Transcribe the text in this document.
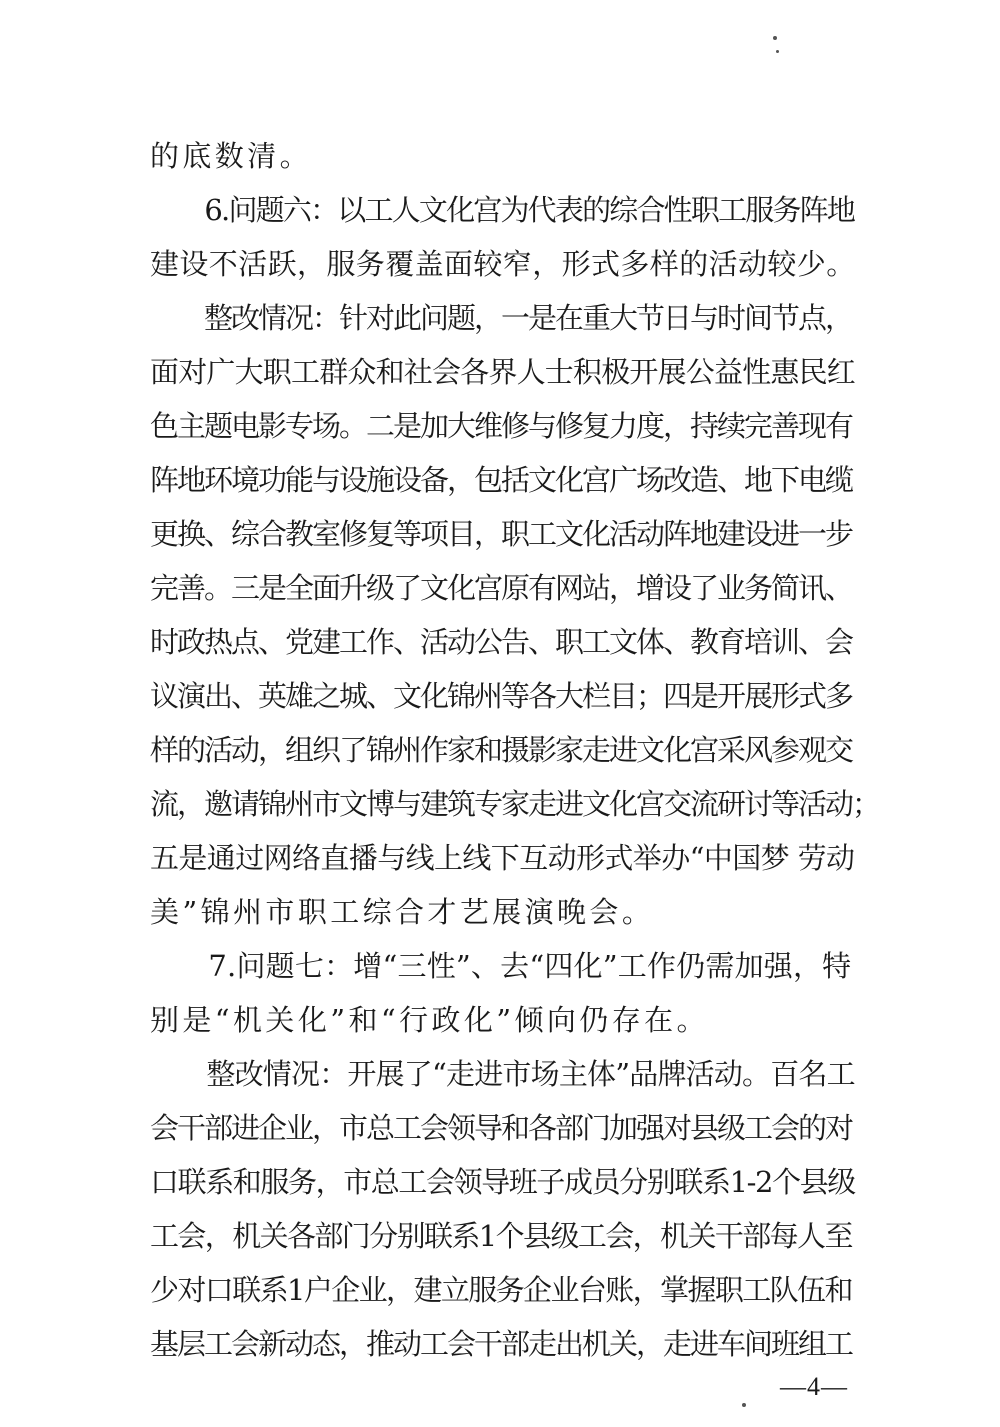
的底数清。
　　6.问题六：以工人文化宫为代表的综合性职工服务阵地
建设不活跃，服务覆盖面较窄，形式多样的活动较少。
　　整改情况：针对此问题，一是在重大节日与时间节点，
面对广大职工群众和社会各界人士积极开展公益性惠民红
色主题电影专场。二是加大维修与修复力度，持续完善现有
阵地环境功能与设施设备，包括文化宫广场改造、地下电缆
更换、综合教室修复等项目，职工文化活动阵地建设进一步
完善。三是全面升级了文化宫原有网站，增设了业务简讯、
时政热点、党建工作、活动公告、职工文体、教育培训、会
议演出、英雄之城、文化锦州等各大栏目；四是开展形式多
样的活动，组织了锦州作家和摄影家走进文化宫采风参观交
流，邀请锦州市文博与建筑专家走进文化宫交流研讨等活动；
五是通过网络直播与线上线下互动形式举办“中国梦 劳动
美”锦州市职工综合才艺展演晚会。
　　7.问题七：增“三性”、去“四化”工作仍需加强，特
别是“机关化”和“行政化”倾向仍存在。
　　整改情况：开展了“走进市场主体”品牌活动。百名工
会干部进企业，市总工会领导和各部门加强对县级工会的对
口联系和服务，市总工会领导班子成员分别联系1-2个县级
工会，机关各部门分别联系1个县级工会，机关干部每人至
少对口联系1户企业，建立服务企业台账，掌握职工队伍和
基层工会新动态，推动工会干部走出机关，走进车间班组工
—4—
